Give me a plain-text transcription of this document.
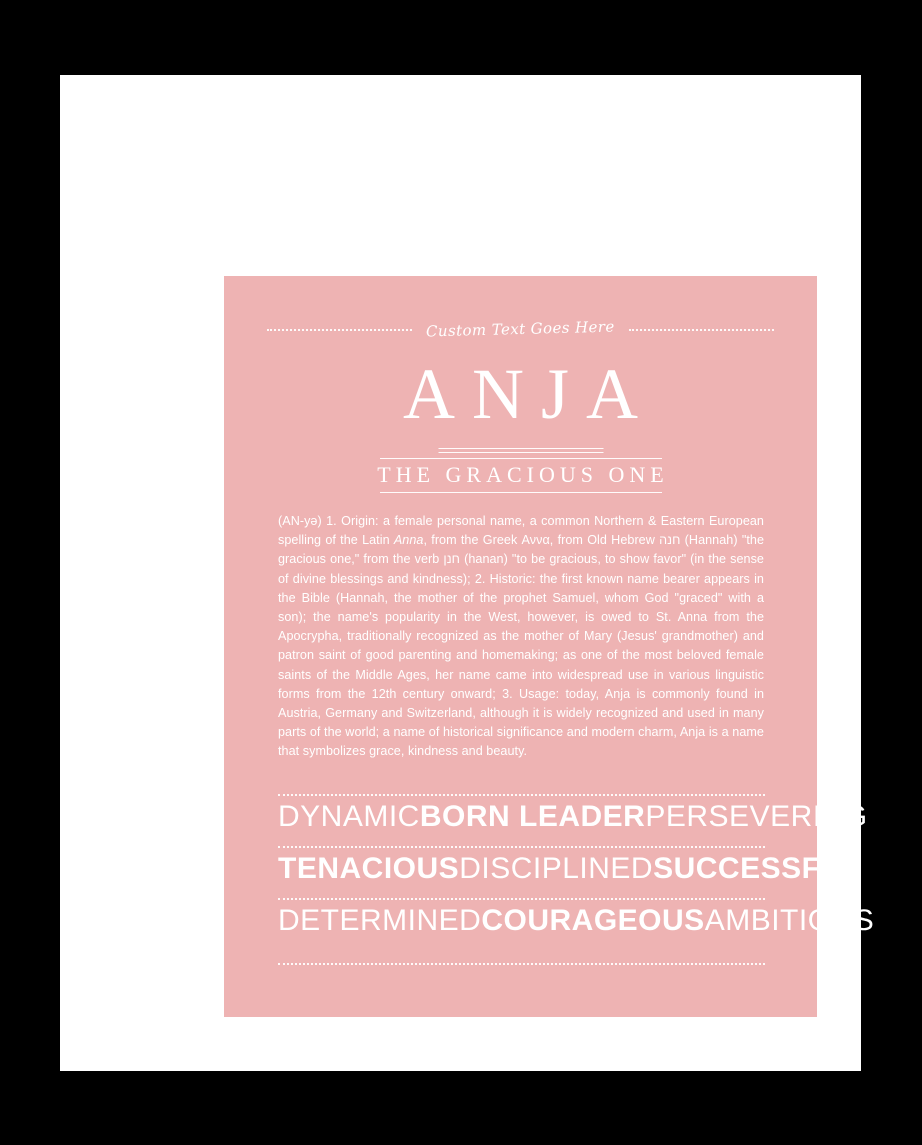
Custom Text Goes Here
ANJA
THE GRACIOUS ONE
(AN-yə) 1. Origin: a female personal name, a common Northern & Eastern European spelling of the Latin Anna, from the Greek Αννα, from Old Hebrew חנה (Hannah) "the gracious one," from the verb חנן (hanan) "to be gracious, to show favor" (in the sense of divine blessings and kindness); 2. Historic: the first known name bearer appears in the Bible (Hannah, the mother of the prophet Samuel, whom God "graced" with a son); the name's popularity in the West, however, is owed to St. Anna from the Apocrypha, traditionally recognized as the mother of Mary (Jesus' grandmother) and patron saint of good parenting and homemaking; as one of the most beloved female saints of the Middle Ages, her name came into widespread use in various linguistic forms from the 12th century onward; 3. Usage: today, Anja is commonly found in Austria, Germany and Switzerland, although it is widely recognized and used in many parts of the world; a name of historical significance and modern charm, Anja is a name that symbolizes grace, kindness and beauty.
DYNAMIC BORN LEADER PERSEVERING
TENACIOUS DISCIPLINED SUCCESSFUL
DETERMINED COURAGEOUS AMBITIOUS
